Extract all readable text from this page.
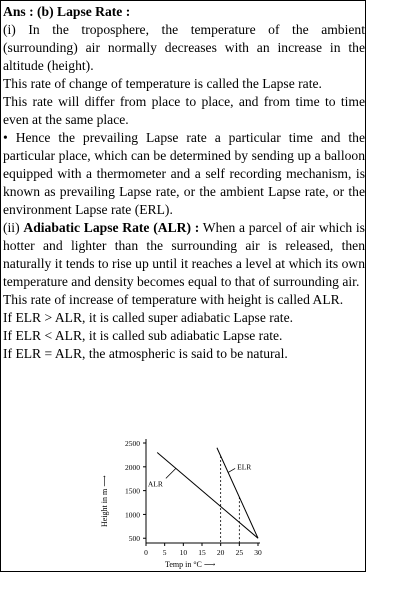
Ans : (b) Lapse Rate :

(i) In the troposphere, the temperature of the ambient (surrounding) air normally decreases with an increase in the altitude (height).

This rate of change of temperature is called the Lapse rate.

This rate will differ from place to place, and from time to time even at the same place.

• Hence the prevailing Lapse rate a particular time and the particular place, which can be determined by sending up a balloon equipped with a thermometer and a self recording mechanism, is known as prevailing Lapse rate, or the ambient Lapse rate, or the environment Lapse rate (ERL).

(ii) Adiabatic Lapse Rate (ALR) : When a parcel of air which is hotter and lighter than the surrounding air is released, then naturally it tends to rise up until it reaches a level at which its own temperature and density becomes equal to that of surrounding air.

This rate of increase of temperature with height is called ALR.

If ELR > ALR, it is called super adiabatic Lapse rate.

If ELR < ALR, it is called sub adiabatic Lapse rate.

If ELR = ALR, the atmospheric is said to be natural.

Height in m ⟶
Temp in °C ⟶
500
1000
1500
2000
2500
0 5 10 15 20 25 30
ALR
ELR
